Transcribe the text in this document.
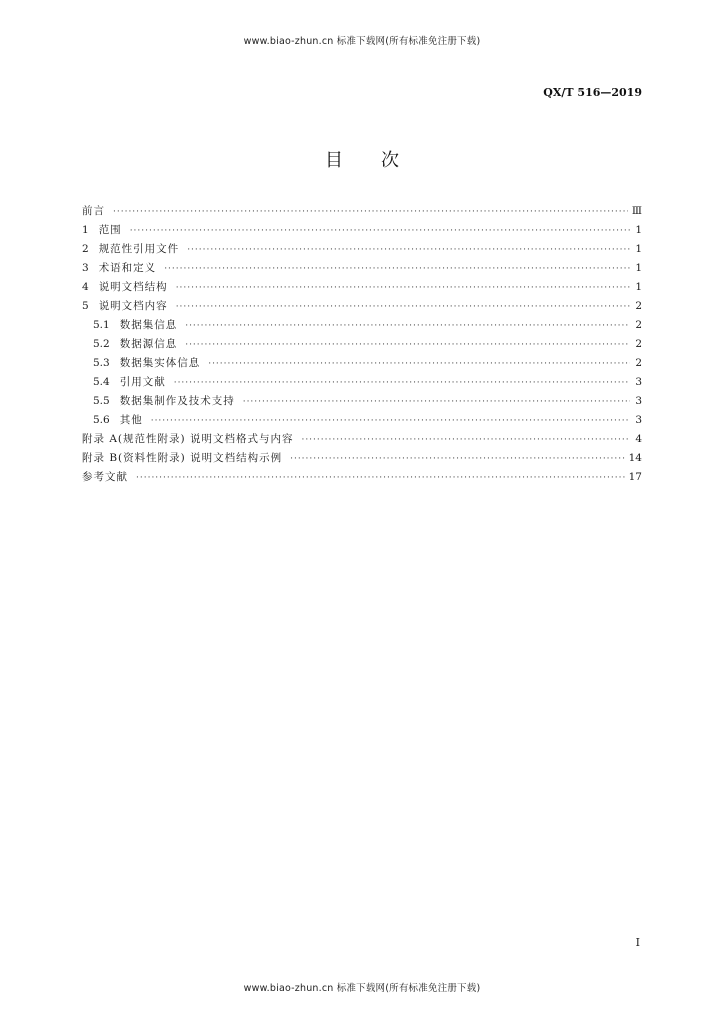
www.biao-zhun.cn 标准下载网(所有标准免注册下载)
QX/T 516—2019
目次
前言 ·····	Ⅲ
1 范围 ·····	1
2 规范性引用文件 ·····	1
3 术语和定义 ·····	1
4 说明文档结构 ·····	1
5 说明文档内容 ·····	2
5.1 数据集信息 ·····	2
5.2 数据源信息 ·····	2
5.3 数据集实体信息 ·····	2
5.4 引用文献 ·····	3
5.5 数据集制作及技术支持 ·····	3
5.6 其他 ·····	3
附录 A(规范性附录) 说明文档格式与内容 ·····	4
附录 B(资料性附录) 说明文档结构示例 ·····	14
参考文献 ·····	17
I
www.biao-zhun.cn 标准下载网(所有标准免注册下载)
